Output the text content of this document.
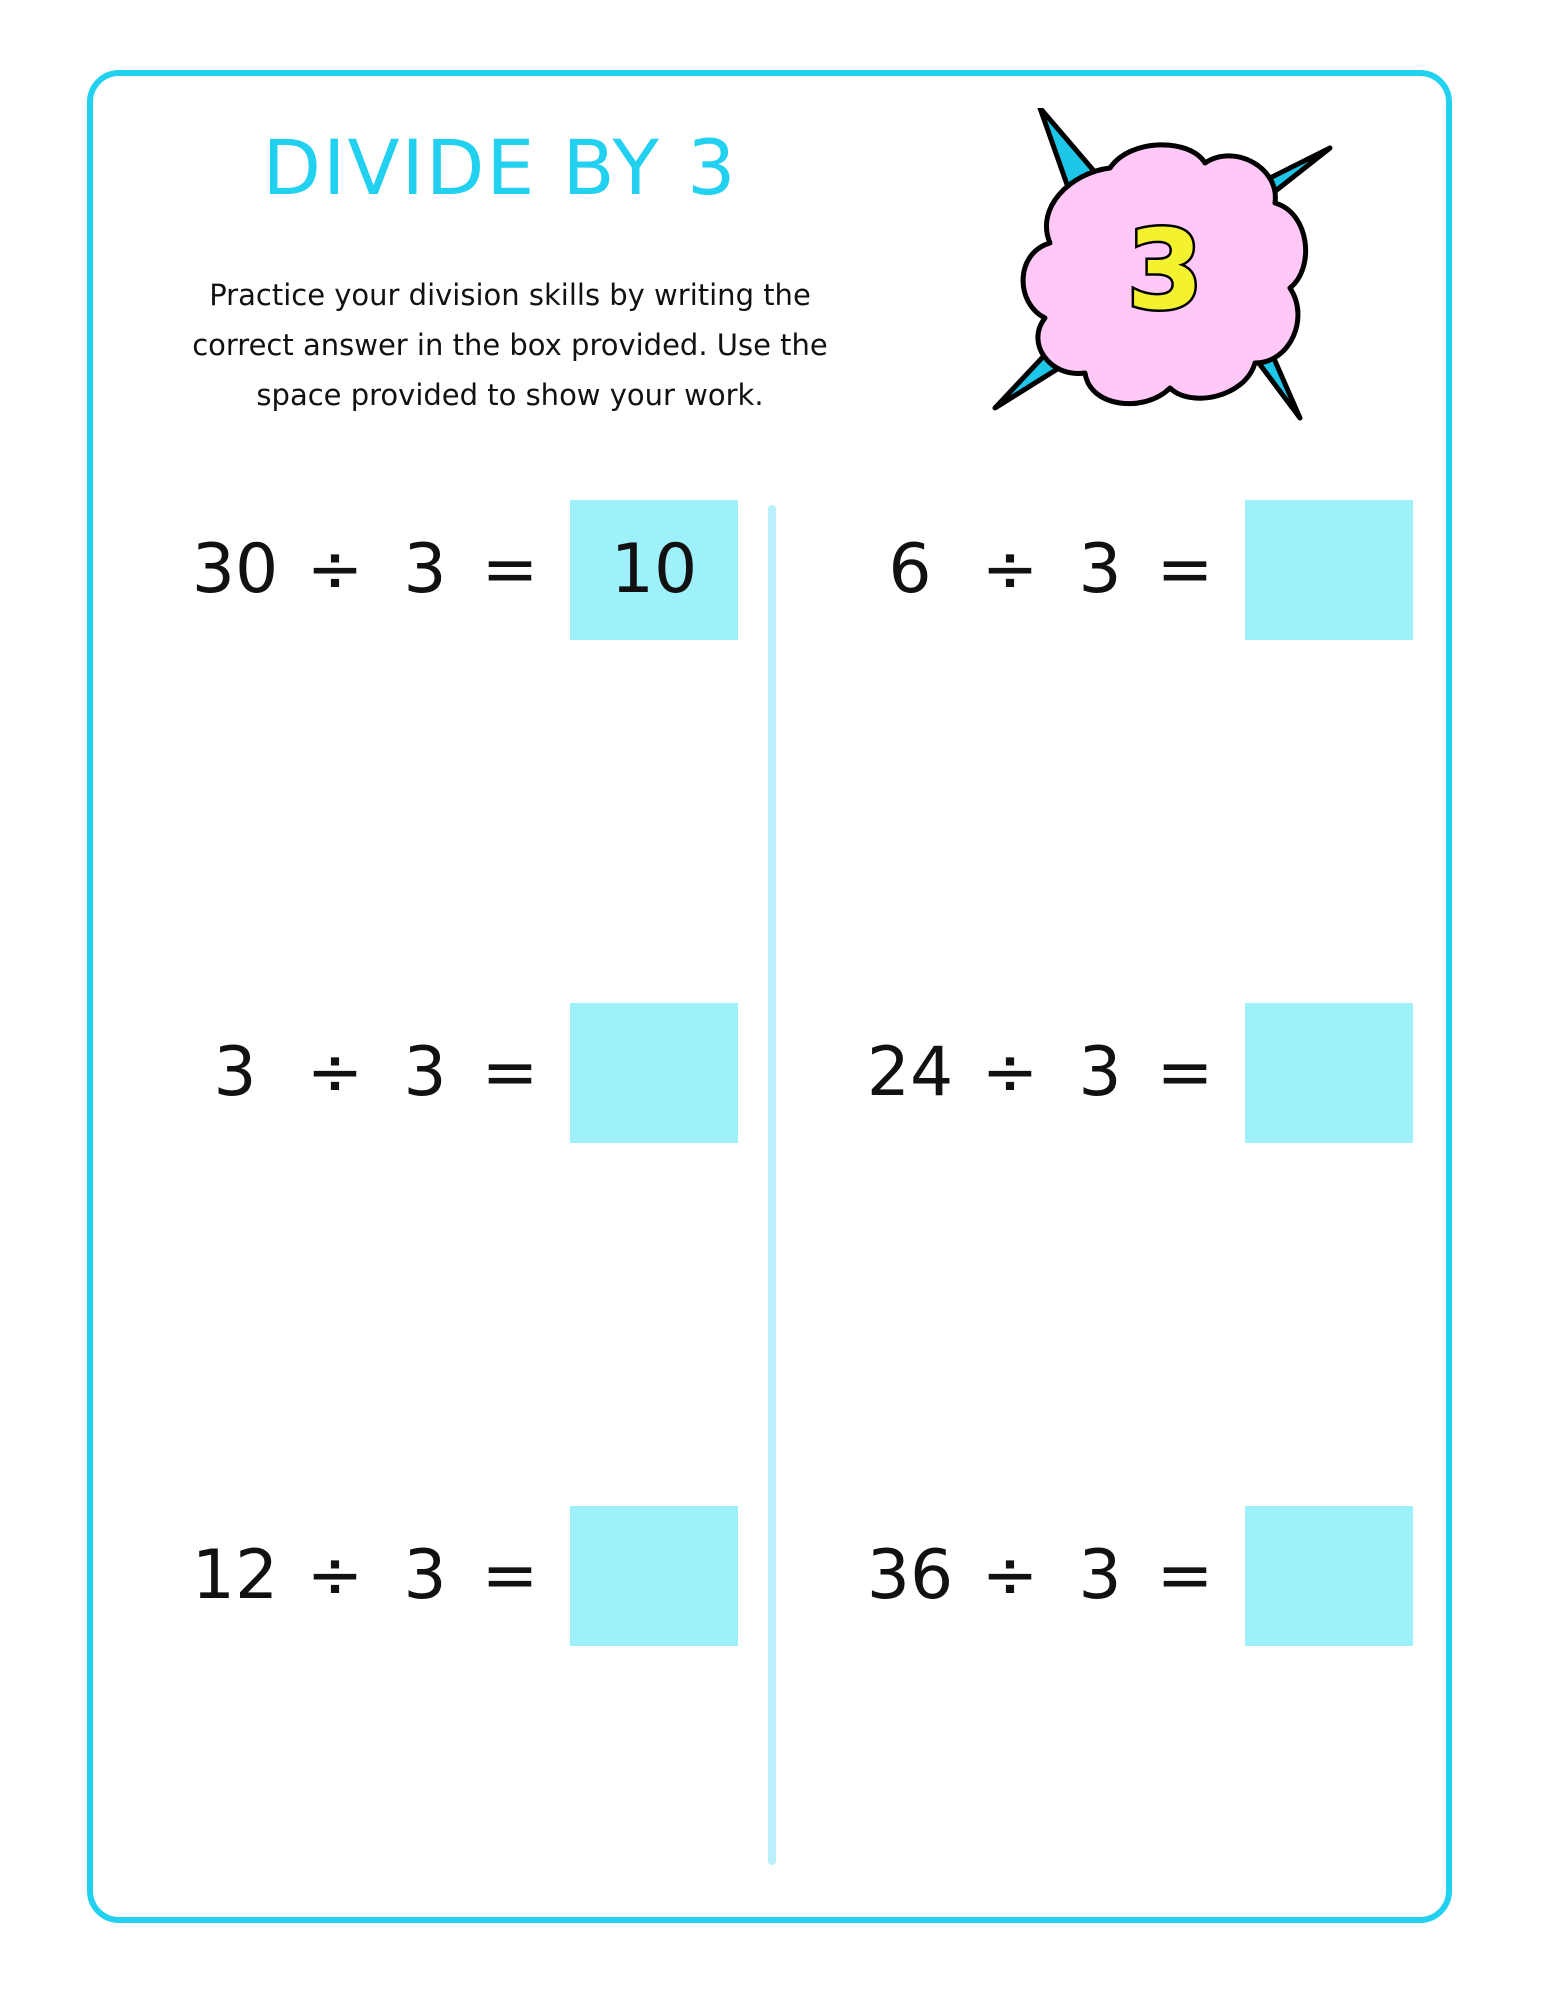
DIVIDE BY 3

Practice your division skills by writing the correct answer in the box provided. Use the space provided to show your work.

3
30 ÷ 3 =	10	6 ÷ 3 =
3 ÷ 3 =	24 ÷ 3 =
12 ÷ 3 =	36 ÷ 3 =
